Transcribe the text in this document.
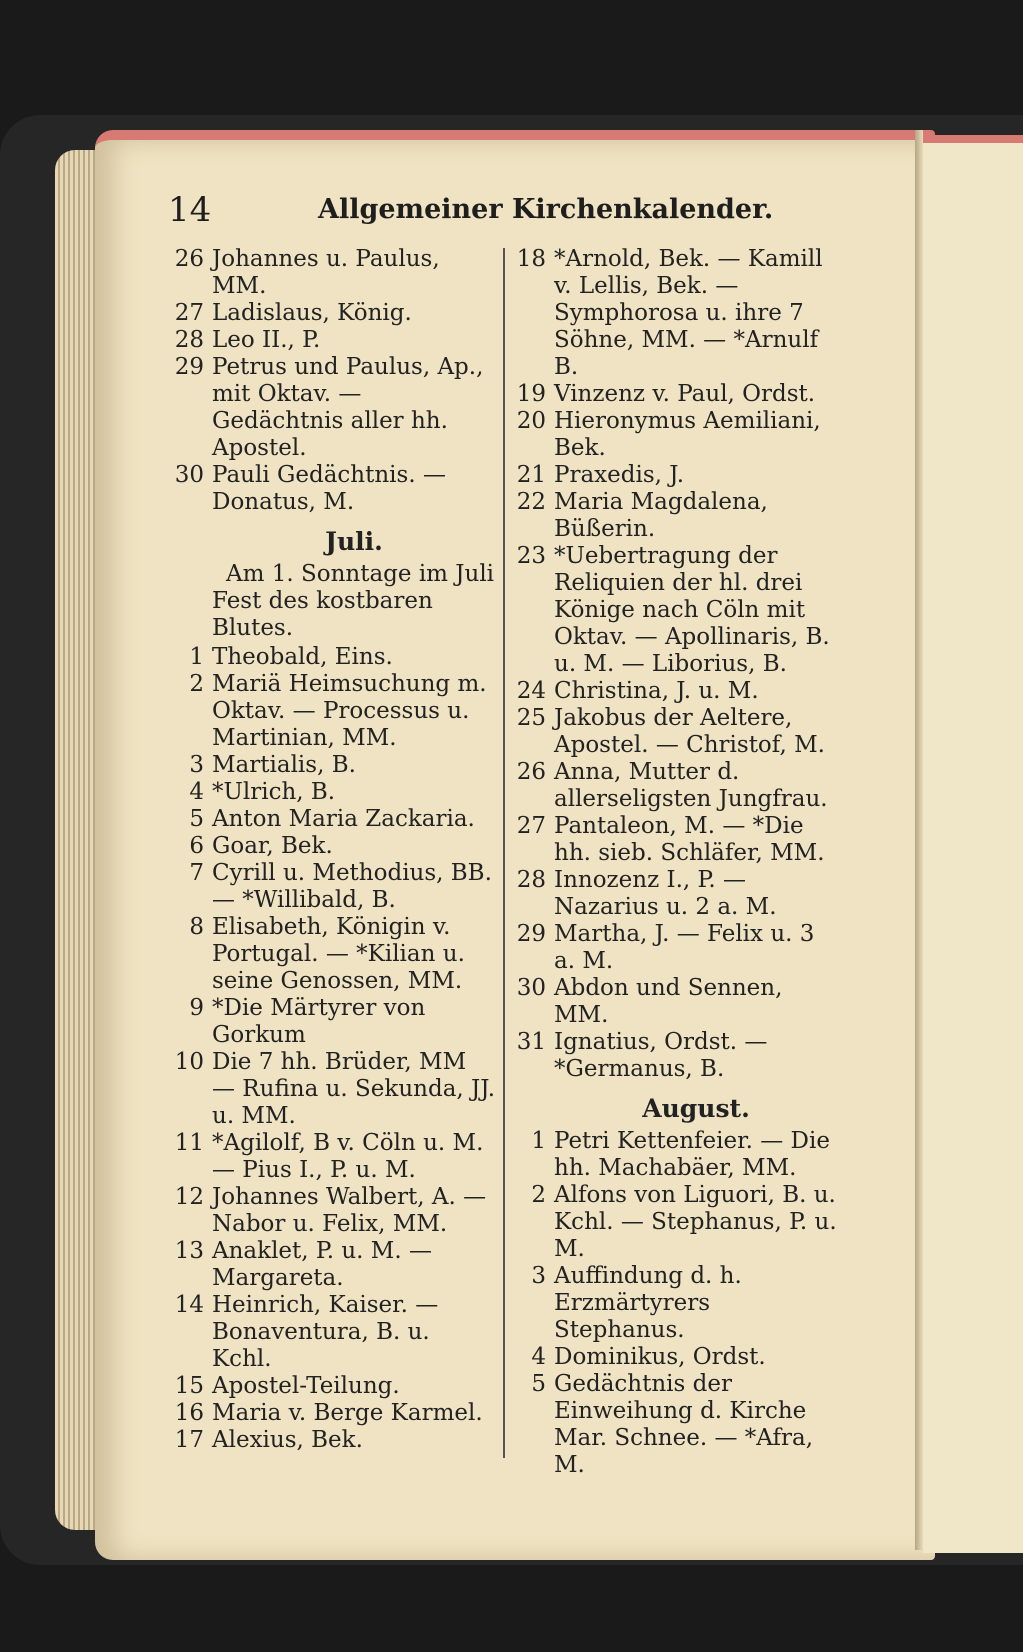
14	Allgemeiner Kirchenkalender.
26 Johannes u. Paulus, MM.
27 Ladislaus, König.
28 Leo II., P.
29 Petrus und Paulus, Ap., mit Oktav. — Gedächtnis aller hh. Apostel.
30 Pauli Gedächtnis. — Donatus, M.
Juli.
Am 1. Sonntage im Juli Fest des kostbaren Blutes.
1 Theobald, Eins.
2 Mariä Heimsuchung m. Oktav. — Processus u. Martinian, MM.
3 Martialis, B.
4 *Ulrich, B.
5 Anton Maria Zackaria.
6 Goar, Bek.
7 Cyrill u. Methodius, BB. — *Willibald, B.
8 Elisabeth, Königin v. Portugal. — *Kilian u. seine Genossen, MM.
9 *Die Märtyrer von Gorkum
10 Die 7 hh. Brüder, MM — Rufina u. Sekunda, JJ. u. MM.
11 *Agilolf, B v. Cöln u. M. — Pius I., P. u. M.
12 Johannes Walbert, A. — Nabor u. Felix, MM.
13 Anaklet, P. u. M. — Margareta.
14 Heinrich, Kaiser. — Bonaventura, B. u. Kchl.
15 Apostel-Teilung.
16 Maria v. Berge Karmel.
17 Alexius, Bek.
18 *Arnold, Bek. — Kamill v. Lellis, Bek. — Symphorosa u. ihre 7 Söhne, MM. — *Arnulf B.
19 Vinzenz v. Paul, Ordst.
20 Hieronymus Aemiliani, Bek.
21 Praxedis, J.
22 Maria Magdalena, Büßerin.
23 *Uebertragung der Reliquien der hl. drei Könige nach Cöln mit Oktav. — Apollinaris, B. u. M. — Liborius, B.
24 Christina, J. u. M.
25 Jakobus der Aeltere, Apostel. — Christof, M.
26 Anna, Mutter d. allerseligsten Jungfrau.
27 Pantaleon, M. — *Die hh. sieb. Schläfer, MM.
28 Innozenz I., P. — Nazarius u. 2 a. M.
29 Martha, J. — Felix u. 3 a. M.
30 Abdon und Sennen, MM.
31 Ignatius, Ordst. — *Germanus, B.
August.
1 Petri Kettenfeier. — Die hh. Machabäer, MM.
2 Alfons von Liguori, B. u. Kchl. — Stephanus, P. u. M.
3 Auffindung d. h. Erzmärtyrers Stephanus.
4 Dominikus, Ordst.
5 Gedächtnis der Einweihung d. Kirche Mar. Schnee. — *Afra, M.
